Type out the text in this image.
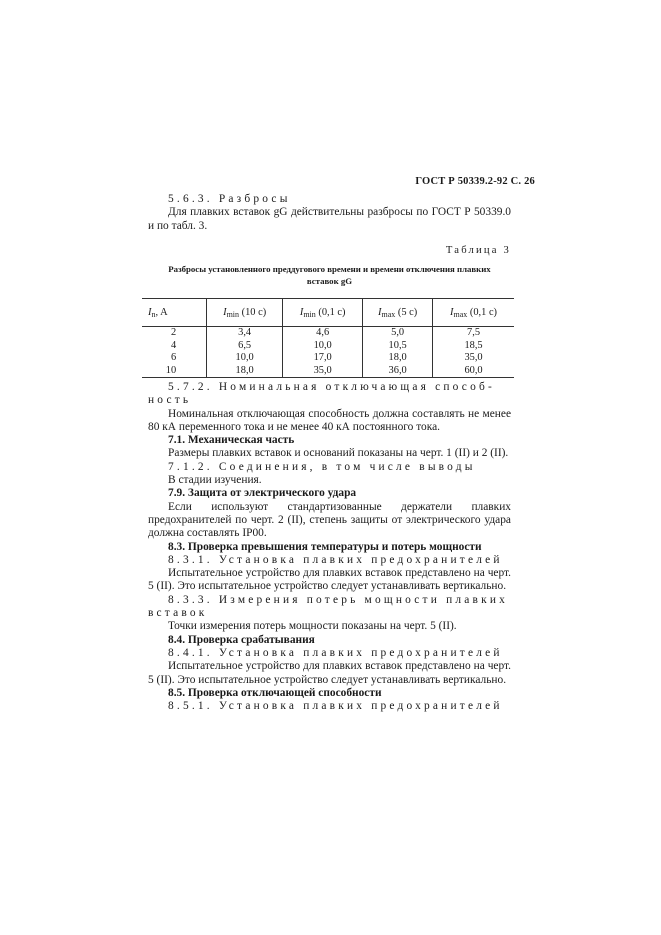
ГОСТ Р 50339.2-92 С. 26

5.6.3. Разбросы

Для плавких вставок gG действительны разбросы по ГОСТ Р 50339.0 и по табл. 3.

Таблица 3

Разбросы установленного преддугового времени и времени отключения плавких вставок gG

$I_n$, A	$I_{min}$ (10 с)	$I_{min}$ (0,1 с)	$I_{max}$ (5 с)	$I_{max}$ (0,1 с)
2	3,4	4,6	5,0	7,5
4	6,5	10,0	10,5	18,5
6	10,0	17,0	18,0	35,0
10	18,0	35,0	36,0	60,0

5.7.2. Номинальная отключающая способ-

ность

Номинальная отключающая способность должна составлять не менее 80 кА переменного тока и не менее 40 кА постоянного тока.

7.1. Механическая часть

Размеры плавких вставок и оснований показаны на черт. 1 (II) и 2 (II).

7.1.2. Соединения, в том числе выводы

В стадии изучения.

7.9. Защита от электрического удара

Если используют стандартизованные держатели плавких предохранителей по черт. 2 (II), степень защиты от электрического удара должна составлять IP00.

8.3. Проверка превышения температуры и потерь мощности

8.3.1. Установка плавких предохранителей

Испытательное устройство для плавких вставок представлено на черт. 5 (II). Это испытательное устройство следует устанавливать вертикально.

8.3.3. Измерения потерь мощности плавких

вставок

Точки измерения потерь мощности показаны на черт. 5 (II).

8.4. Проверка срабатывания

8.4.1. Установка плавких предохранителей

Испытательное устройство для плавких вставок представлено на черт. 5 (II). Это испытательное устройство следует устанавливать вертикально.

8.5. Проверка отключающей способности

8.5.1. Установка плавких предохранителей
